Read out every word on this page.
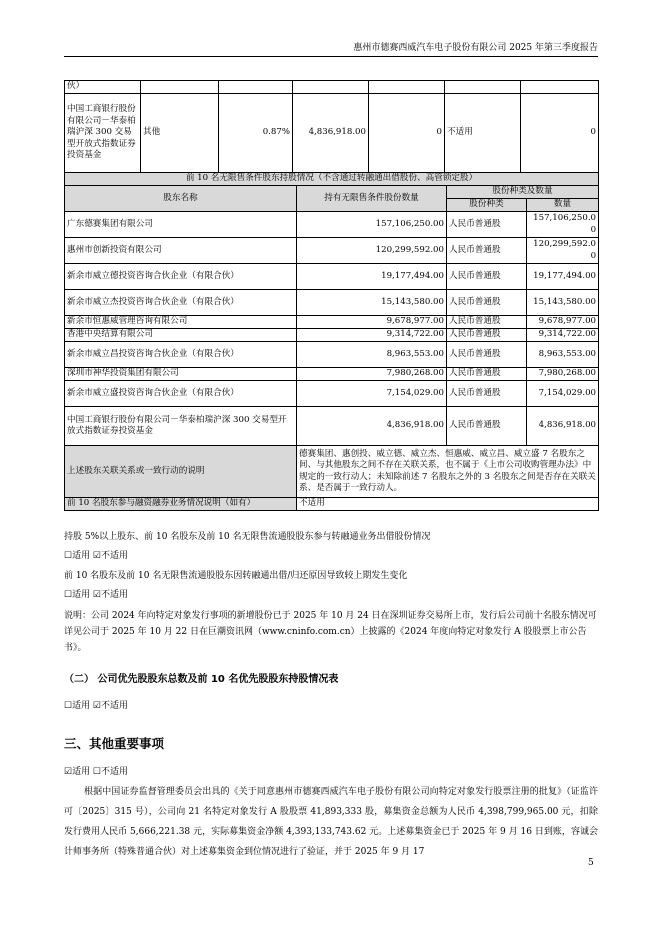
惠州市德赛西威汽车电子股份有限公司 2025 年第三季度报告
伙）						
中国工商银行股份有限公司－华泰柏瑞沪深 300 交易型开放式指数证券投资基金	其他	0.87%	4,836,918.00	0	不适用	0
前 10 名无限售条件股东持股情况（不含通过转融通出借股份、高管锁定股）			
股东名称	持有无限售条件股份数量	股份种类及数量	
		股份种类	数量
广东德赛集团有限公司	157,106,250.00	人民币普通股	157,106,250.00
惠州市创新投资有限公司	120,299,592.00	人民币普通股	120,299,592.00
新余市威立德投资咨询合伙企业（有限合伙）	19,177,494.00	人民币普通股	19,177,494.00
新余市威立杰投资咨询合伙企业（有限合伙）	15,143,580.00	人民币普通股	15,143,580.00
新余市恒惠威管理咨询有限公司	9,678,977.00	人民币普通股	9,678,977.00
香港中央结算有限公司	9,314,722.00	人民币普通股	9,314,722.00
新余市威立昌投资咨询合伙企业（有限合伙）	8,963,553.00	人民币普通股	8,963,553.00
深圳市神华投资集团有限公司	7,980,268.00	人民币普通股	7,980,268.00
新余市威立盛投资咨询合伙企业（有限合伙）	7,154,029.00	人民币普通股	7,154,029.00
中国工商银行股份有限公司－华泰柏瑞沪深 300 交易型开放式指数证券投资基金	4,836,918.00	人民币普通股	4,836,918.00
上述股东关联关系或一致行动的说明	德赛集团、惠创投、威立德、威立杰、恒惠威、威立昌、威立盛 7 名股东之间、与其他股东之间不存在关联关系，也不属于《上市公司收购管理办法》中规定的一致行动人；未知除前述 7 名股东之外的 3 名股东之间是否存在关联关系、是否属于一致行动人。		
前 10 名股东参与融资融券业务情况说明（如有）	不适用		
持股 5%以上股东、前 10 名股东及前 10 名无限售流通股股东参与转融通业务出借股份情况
☐适用 ☑不适用
前 10 名股东及前 10 名无限售流通股股东因转融通出借/归还原因导致较上期发生变化
☐适用 ☑不适用
说明：公司 2024 年向特定对象发行事项的新增股份已于 2025 年 10 月 24 日在深圳证券交易所上市，发行后公司前十名股东情况可详见公司于 2025 年 10 月 22 日在巨潮资讯网（www.cninfo.com.cn）上披露的《2024 年度向特定对象发行 A 股股票上市公告书》。
（二） 公司优先股股东总数及前 10 名优先股股东持股情况表
☐适用 ☑不适用
三、其他重要事项
☑适用 ☐不适用
根据中国证券监督管理委员会出具的《关于同意惠州市德赛西威汽车电子股份有限公司向特定对象发行股票注册的批复》（证监许可〔2025〕315 号），公司向 21 名特定对象发行 A 股股票 41,893,333 股，募集资金总额为人民币 4,398,799,965.00 元，扣除发行费用人民币 5,666,221.38 元，实际募集资金净额 4,393,133,743.62 元。上述募集资金已于 2025 年 9 月 16 日到账，容诚会计师事务所（特殊普通合伙）对上述募集资金到位情况进行了验证，并于 2025 年 9 月 17
5
